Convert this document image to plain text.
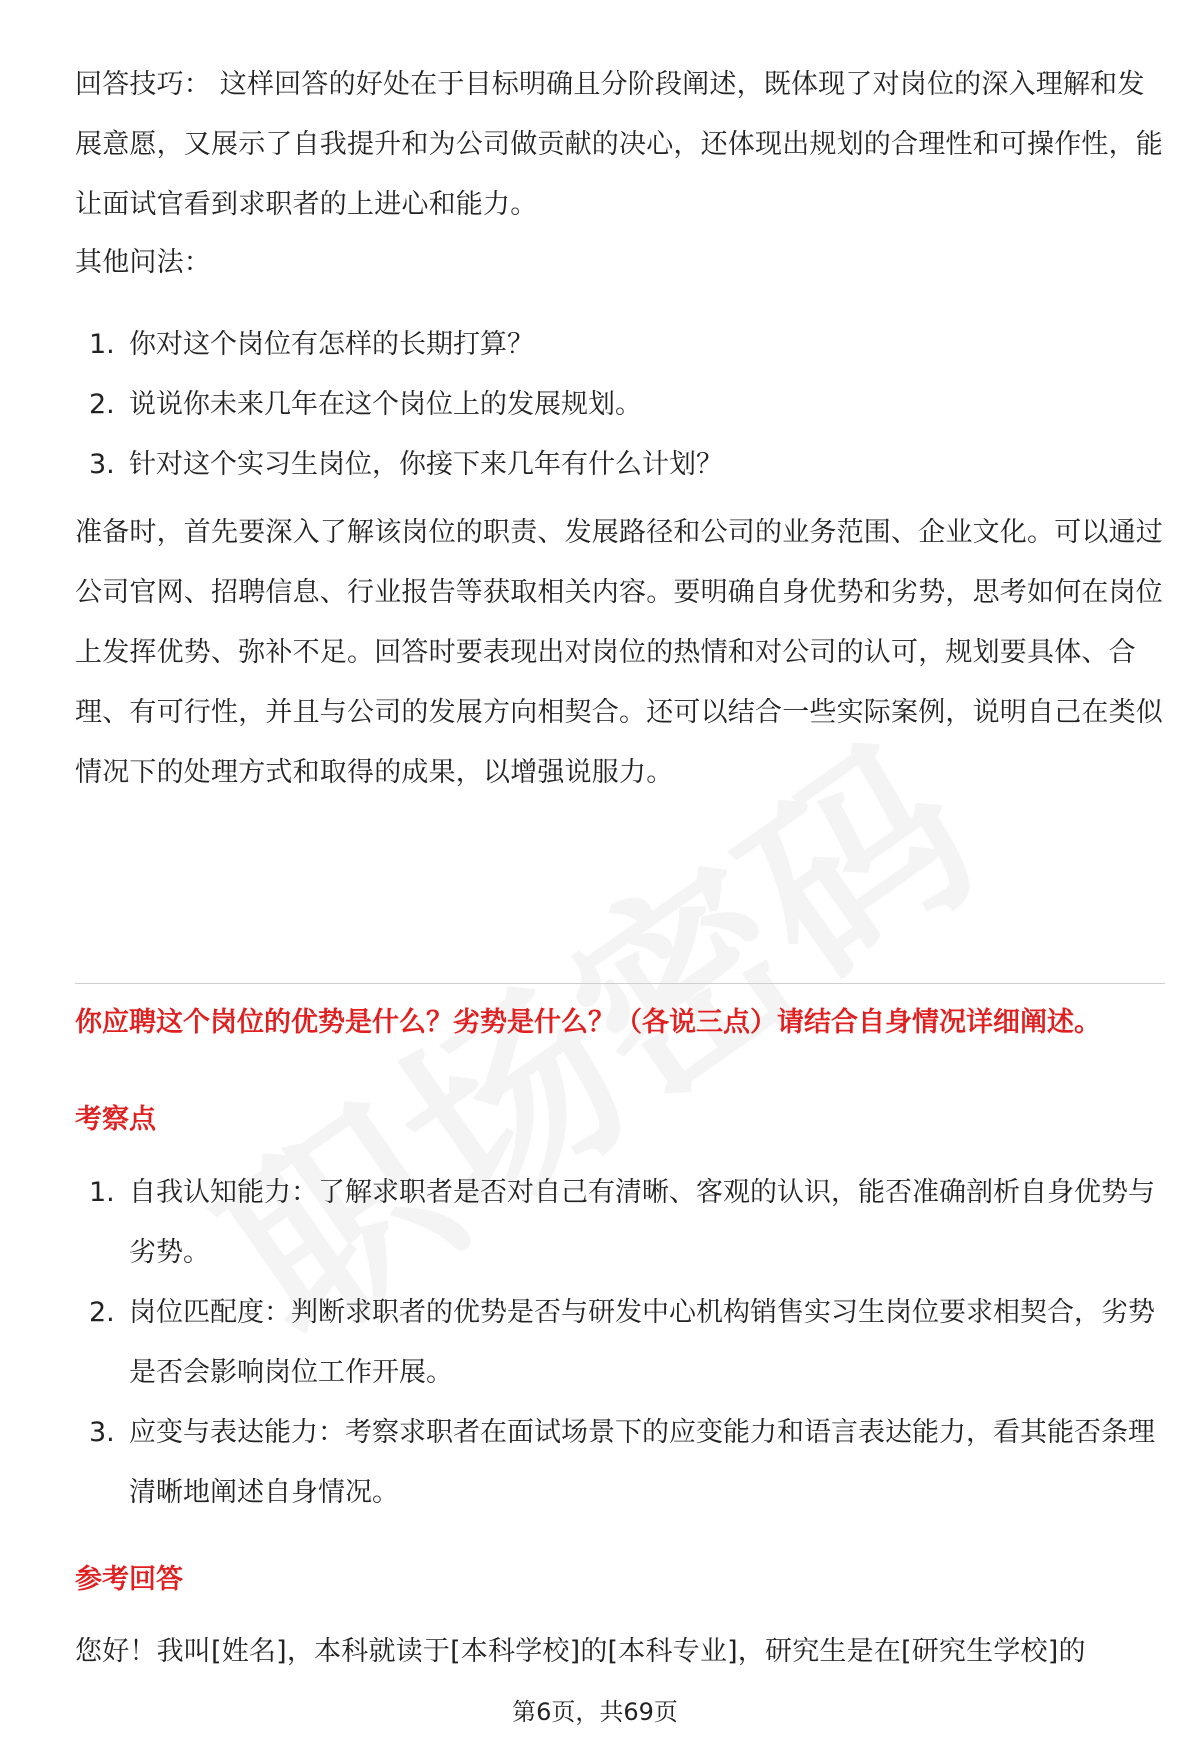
回答技巧： 这样回答的好处在于目标明确且分阶段阐述，既体现了对岗位的深入理解和发展意愿，又展示了自我提升和为公司做贡献的决心，还体现出规划的合理性和可操作性，能让面试官看到求职者的上进心和能力。

其他问法：

1. 你对这个岗位有怎样的长期打算？
2. 说说你未来几年在这个岗位上的发展规划。
3. 针对这个实习生岗位，你接下来几年有什么计划？

准备时，首先要深入了解该岗位的职责、发展路径和公司的业务范围、企业文化。可以通过公司官网、招聘信息、行业报告等获取相关内容。要明确自身优势和劣势，思考如何在岗位上发挥优势、弥补不足。回答时要表现出对岗位的热情和对公司的认可，规划要具体、合理、有可行性，并且与公司的发展方向相契合。还可以结合一些实际案例，说明自己在类似情况下的处理方式和取得的成果，以增强说服力。

你应聘这个岗位的优势是什么？劣势是什么？（各说三点）请结合自身情况详细阐述。

考察点

1. 自我认知能力：了解求职者是否对自己有清晰、客观的认识，能否准确剖析自身优势与劣势。
2. 岗位匹配度：判断求职者的优势是否与研发中心机构销售实习生岗位要求相契合，劣势是否会影响岗位工作开展。
3. 应变与表达能力：考察求职者在面试场景下的应变能力和语言表达能力，看其能否条理清晰地阐述自身情况。

参考回答

您好！我叫[姓名]，本科就读于[本科学校]的[本科专业]，研究生是在[研究生学校]的

第6页，共69页
